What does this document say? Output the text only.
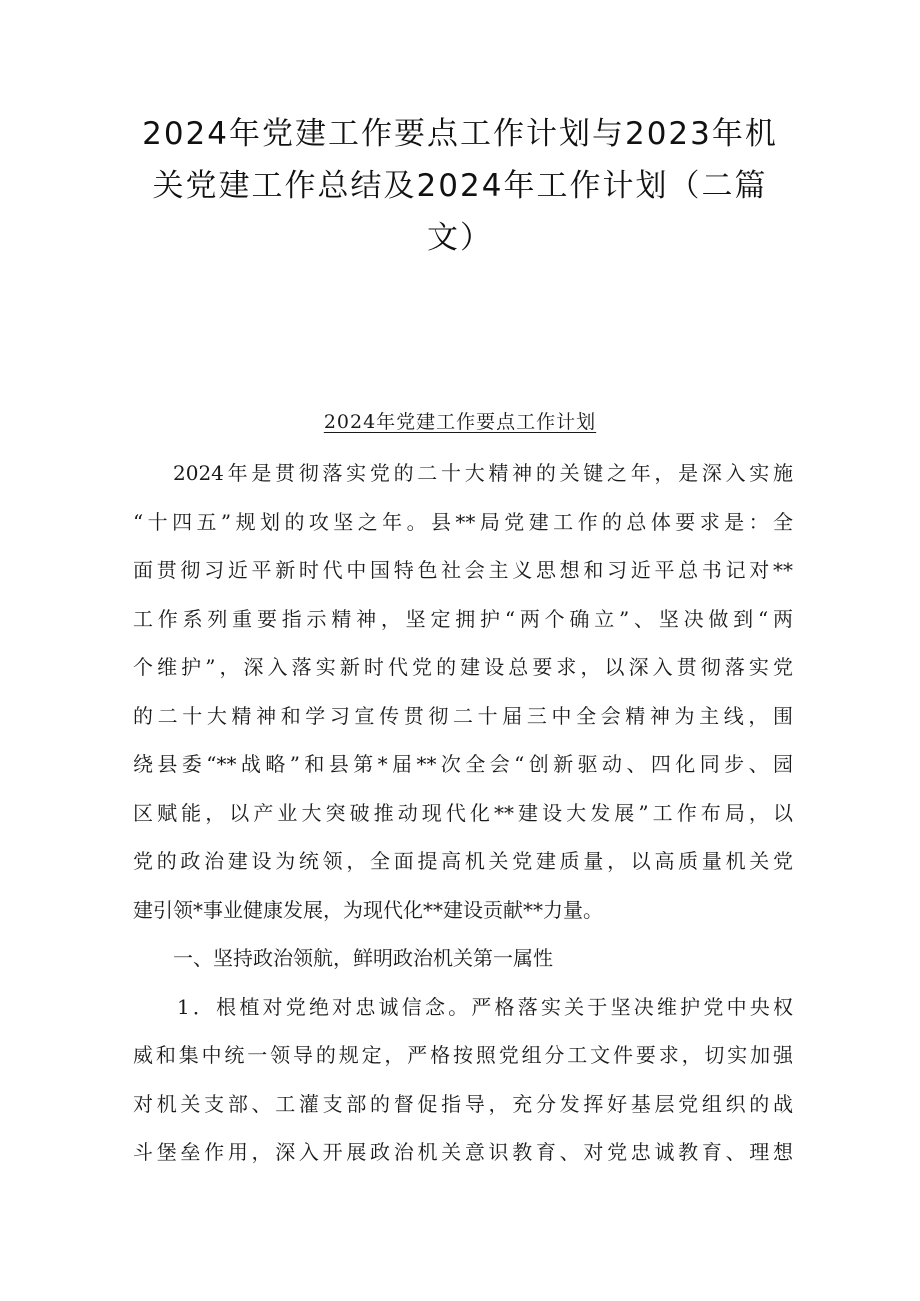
2024年党建工作要点工作计划与2023年机
关党建工作总结及2024年工作计划（二篇
文）
2024年党建工作要点工作计划
2024年是贯彻落实党的二十大精神的关键之年，是深入实施
“十四五”规划的攻坚之年。县**局党建工作的总体要求是：全
面贯彻习近平新时代中国特色社会主义思想和习近平总书记对**
工作系列重要指示精神，坚定拥护“两个确立”、坚决做到“两
个维护”，深入落实新时代党的建设总要求，以深入贯彻落实党
的二十大精神和学习宣传贯彻二十届三中全会精神为主线，围
绕县委“**战略”和县第*届**次全会“创新驱动、四化同步、园
区赋能，以产业大突破推动现代化**建设大发展”工作布局，以
党的政治建设为统领，全面提高机关党建质量，以高质量机关党
建引领*事业健康发展，为现代化**建设贡献**力量。
一、坚持政治领航，鲜明政治机关第一属性
1．根植对党绝对忠诚信念。严格落实关于坚决维护党中央权
威和集中统一领导的规定，严格按照党组分工文件要求，切实加强
对机关支部、工灌支部的督促指导，充分发挥好基层党组织的战
斗堡垒作用，深入开展政治机关意识教育、对党忠诚教育、理想
